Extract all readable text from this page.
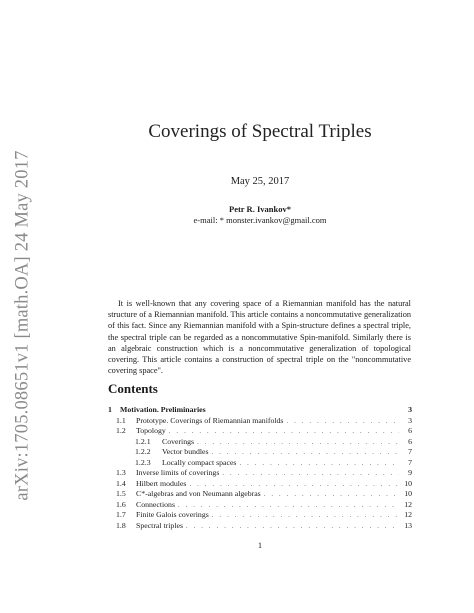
arXiv:1705.08651v1 [math.OA] 24 May 2017
Coverings of Spectral Triples
May 25, 2017
Petr R. Ivankov*
e-mail: * monster.ivankov@gmail.com

It is well-known that any covering space of a Riemannian manifold has the natural structure of a Riemannian manifold. This article contains a noncommutative generalization of this fact. Since any Riemannian manifold with a Spin-structure defines a spectral triple, the spectral triple can be regarded as a noncommutative Spin-manifold. Similarly there is an algebraic construction which is a noncommutative generalization of topological covering. This article contains a construction of spectral triple on the "noncommutative covering space".

Contents
1	Motivation. Preliminaries	3
1.1	Prototype. Coverings of Riemannian manifolds . . .	3
1.2	Topology . . .	6
1.2.1	Coverings . . .	6
1.2.2	Vector bundles . . .	7
1.2.3	Locally compact spaces . . .	7
1.3	Inverse limits of coverings . . .	9
1.4	Hilbert modules . . .	10
1.5	C*-algebras and von Neumann algebras . . .	10
1.6	Connections . . .	12
1.7	Finite Galois coverings . . .	12
1.8	Spectral triples . . .	13
1
